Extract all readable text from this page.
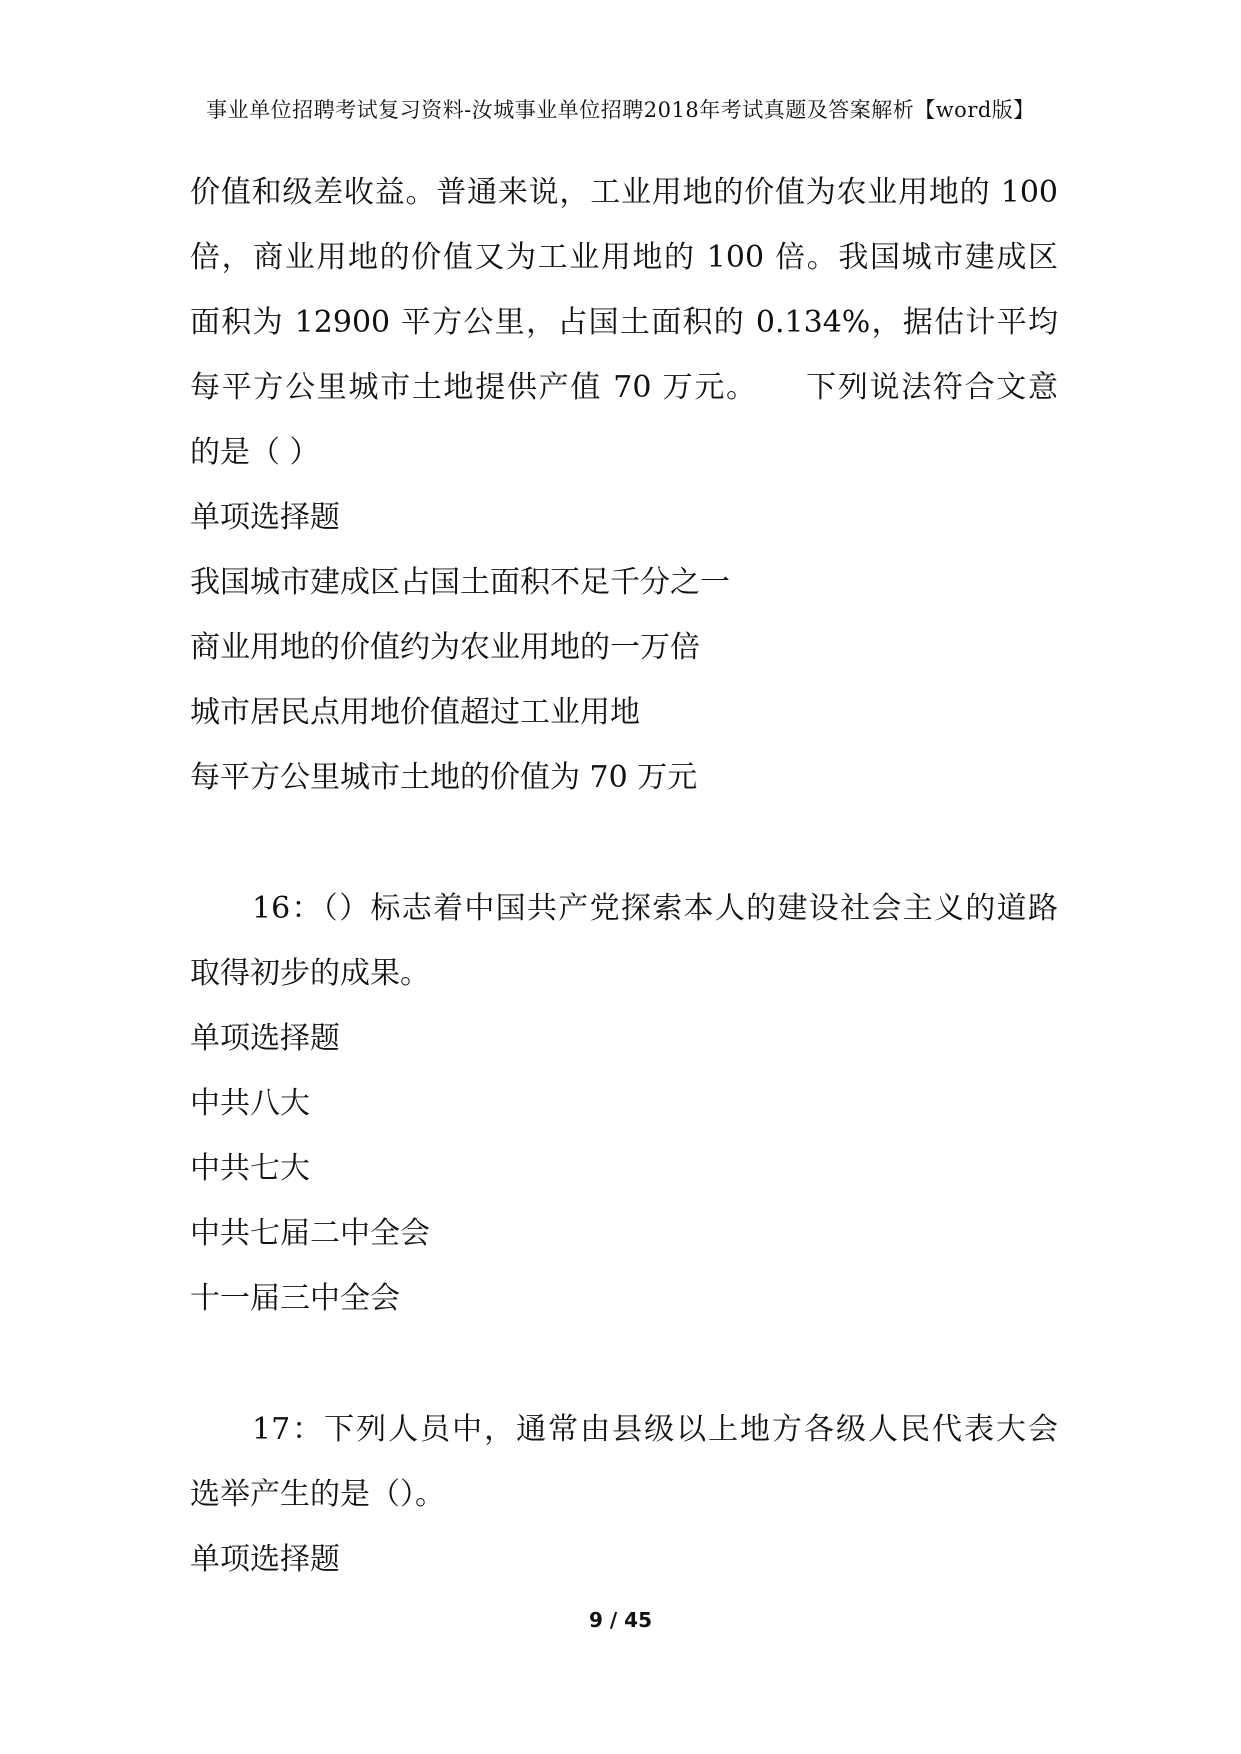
事业单位招聘考试复习资料-汝城事业单位招聘2018年考试真题及答案解析【word版】
价值和级差收益。普通来说，工业用地的价值为农业用地的 100
倍，商业用地的价值又为工业用地的 100 倍。我国城市建成区
面积为 12900 平方公里，占国土面积的 0.134%，据估计平均
每平方公里城市土地提供产值 70 万元。　　下列说法符合文意
的是（ ）
单项选择题
我国城市建成区占国土面积不足千分之一
商业用地的价值约为农业用地的一万倍
城市居民点用地价值超过工业用地
每平方公里城市土地的价值为 70 万元
16：（）标志着中国共产党探索本人的建设社会主义的道路
取得初步的成果。
单项选择题
中共八大
中共七大
中共七届二中全会
十一届三中全会
17：下列人员中，通常由县级以上地方各级人民代表大会
选举产生的是（）。
单项选择题
9 / 45
